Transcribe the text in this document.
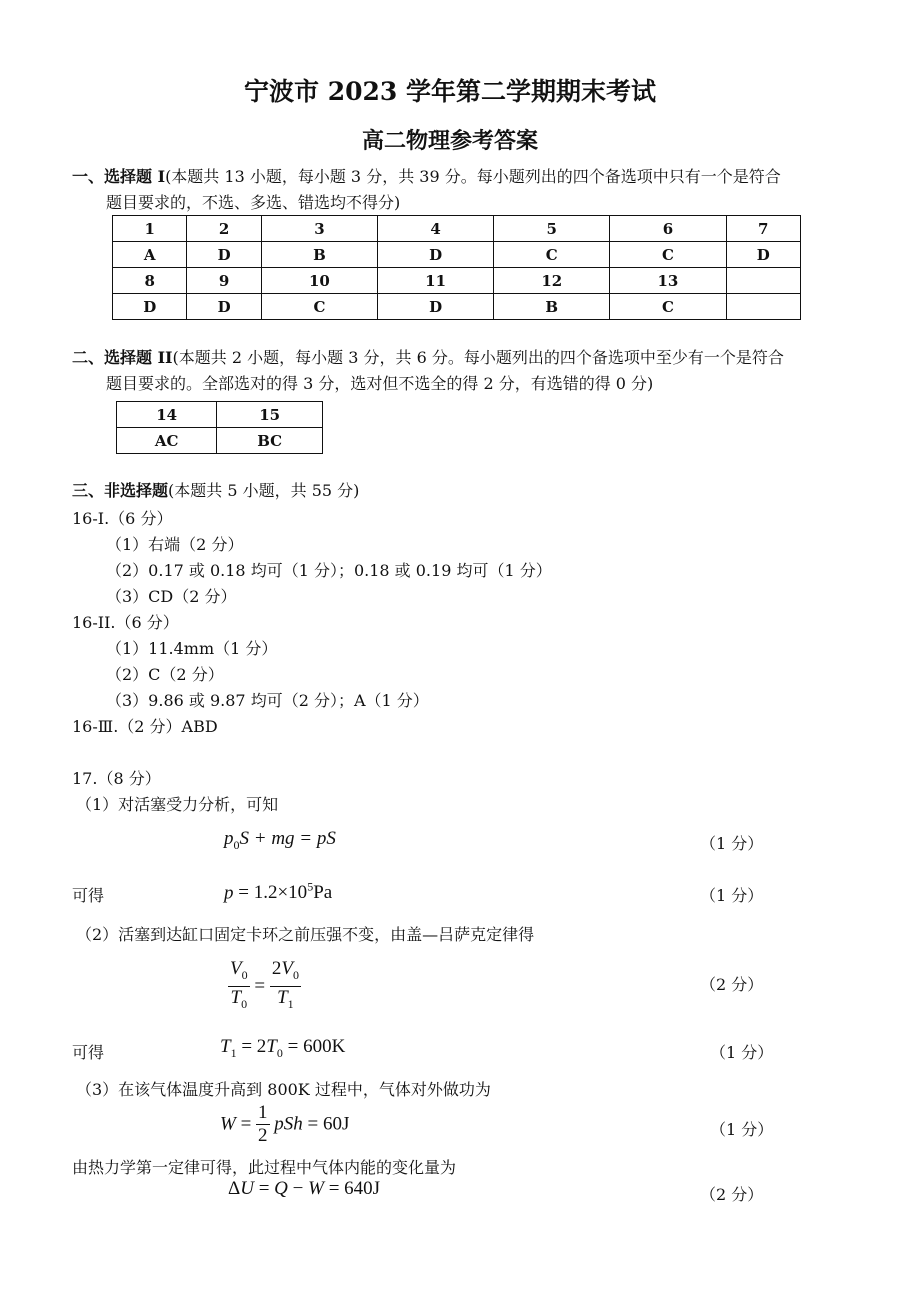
宁波市 2023 学年第二学期期末考试
高二物理参考答案
一、选择题 I(本题共 13 小题，每小题 3 分，共 39 分。每小题列出的四个备选项中只有一个是符合
题目要求的，不选、多选、错选均不得分)
1	2	3	4	5	6	7
A	D	B	D	C	C	D
8	9	10	11	12	13	
D	D	C	D	B	C	
二、选择题 II(本题共 2 小题，每小题 3 分，共 6 分。每小题列出的四个备选项中至少有一个是符合
题目要求的。全部选对的得 3 分，选对但不选全的得 2 分，有选错的得 0 分)
14	15
AC	BC
三、非选择题(本题共 5 小题，共 55 分)
16-I.（6 分）
（1）右端（2 分）
（2）0.17 或 0.18 均可（1 分）；0.18 或 0.19 均可（1 分）
（3）CD（2 分）
16-II.（6 分）
（1）11.4mm（1 分）
（2）C（2 分）
（3）9.86 或 9.87 均可（2 分）；A（1 分）
16-Ⅲ.（2 分）ABD
17.（8 分）
（1）对活塞受力分析，可知
$p_0S$ + mg = pS	（1 分）
可得	$p = 1.2\times 10^5Pa$	（1 分）
（2）活塞到达缸口固定卡环之前压强不变，由盖—吕萨克定律得
$\frac{V_0}{T_0} = \frac{2V_0}{T_1}$	（2 分）
可得	$T_1 = 2T_0 = 600K$	（1 分）
（3）在该气体温度升高到 800K 过程中，气体对外做功为
$W = \frac{1}{2}$ pSh = 60J	（1 分）
由热力学第一定律可得，此过程中气体内能的变化量为
ΔU = Q − W = 640J	（2 分）
